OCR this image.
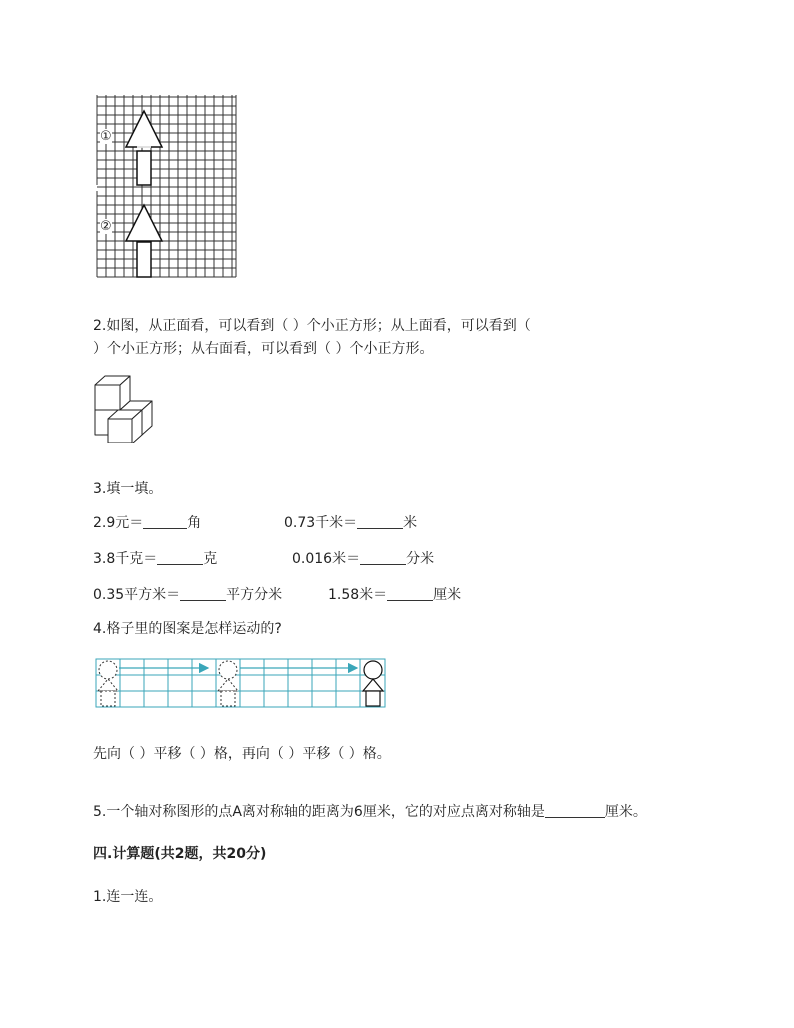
①
②
2.如图，从正面看，可以看到（ ）个小正方形；从上面看，可以看到（
）个小正方形；从右面看，可以看到（ ）个小正方形。
3.填一填。
2.9元＝	角	0.73千米＝	米
3.8千克＝	克	0.016米＝	分米
0.35平方米＝	平方分米	1.58米＝	厘米
4.格子里的图案是怎样运动的?
先向（ ）平移（ ）格，再向（ ）平移（ ）格。
5.一个轴对称图形的点A离对称轴的距离为6厘米，它的对应点离对称轴是	厘米。
四.计算题(共2题，共20分)
1.连一连。
